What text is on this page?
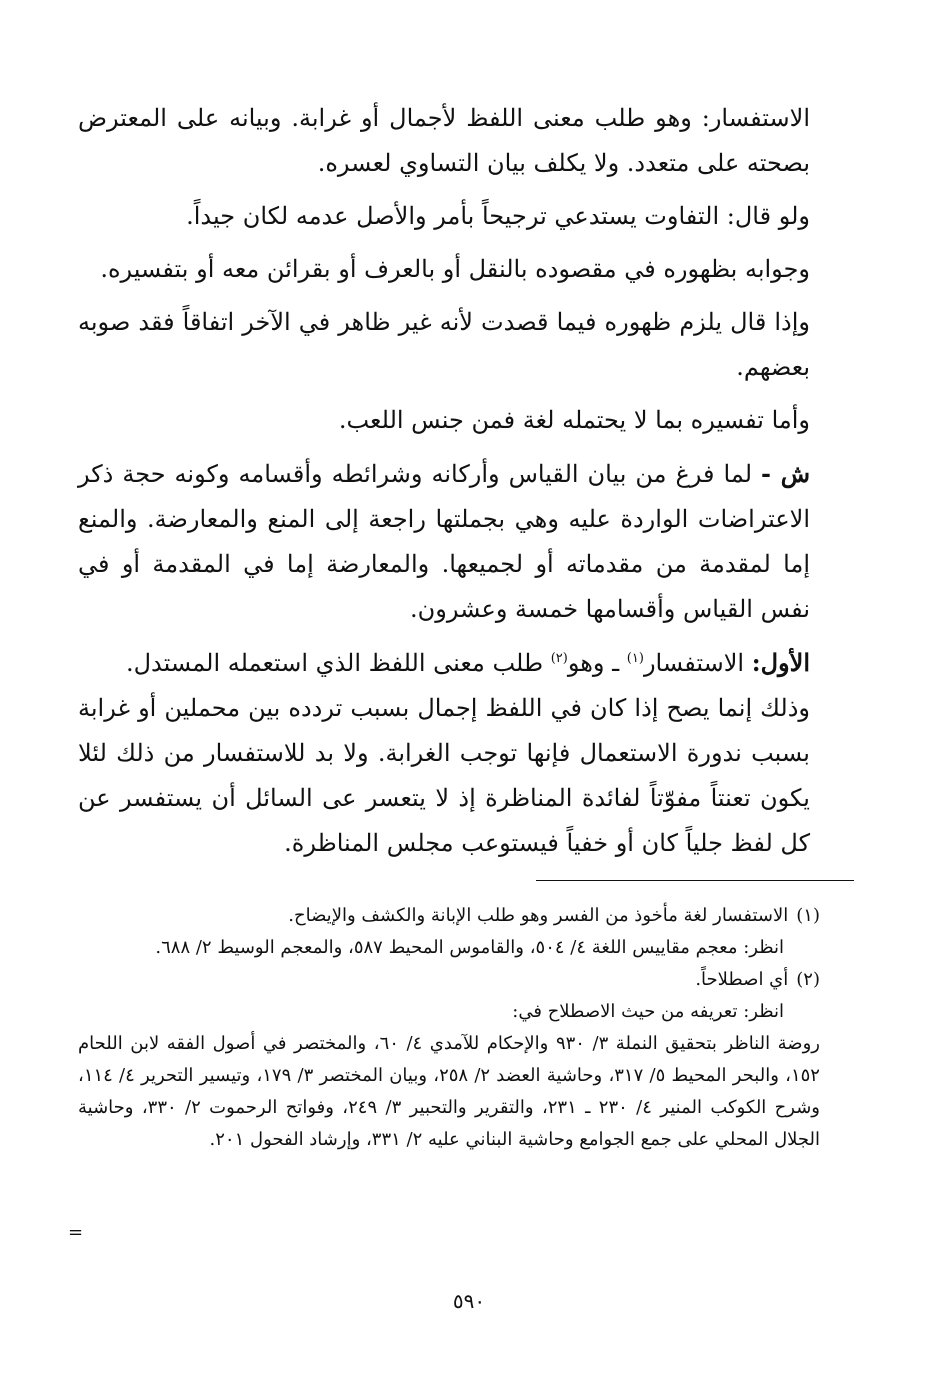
الاستفسار: وهو طلب معنى اللفظ لأجمال أو غرابة. وبيانه على المعترض بصحته على متعدد. ولا يكلف بيان التساوي لعسره.

ولو قال: التفاوت يستدعي ترجيحاً بأمر والأصل عدمه لكان جيداً.

وجوابه بظهوره في مقصوده بالنقل أو بالعرف أو بقرائن معه أو بتفسيره.

وإذا قال يلزم ظهوره فيما قصدت لأنه غير ظاهر في الآخر اتفاقاً فقد صوبه بعضهم.

وأما تفسيره بما لا يحتمله لغة فمن جنس اللعب.

ش - لما فرغ من بيان القياس وأركانه وشرائطه وأقسامه وكونه حجة ذكر الاعتراضات الواردة عليه وهي بجملتها راجعة إلى المنع والمعارضة. والمنع إما لمقدمة من مقدماته أو لجميعها. والمعارضة إما في المقدمة أو في نفس القياس وأقسامها خمسة وعشرون.

الأول: الاستفسار$^{(١)}$ ـ وهو$^{(٢)}$ طلب معنى اللفظ الذي استعمله المستدل.

وذلك إنما يصح إذا كان في اللفظ إجمال بسبب تردده بين محملين أو غرابة بسبب ندورة الاستعمال فإنها توجب الغرابة. ولا بد للاستفسار من ذلك لئلا يكون تعنتاً مفوّتاً لفائدة المناظرة إذ لا يتعسر عى السائل أن يستفسر عن كل لفظ جلياً كان أو خفياً فيستوعب مجلس المناظرة.

(١)الاستفسار لغة مأخوذ من الفسر وهو طلب الإبانة والكشف والإيضاح.

انظر: معجم مقاييس اللغة ٤/ ٥٠٤، والقاموس المحيط ٥٨٧، والمعجم الوسيط ٢/ ٦٨٨.

(٢)أي اصطلاحاً.

انظر: تعريفه من حيث الاصطلاح في:

روضة الناظر بتحقيق النملة ٣/ ٩٣٠ والإحكام للآمدي ٤/ ٦٠، والمختصر في أصول الفقه لابن اللحام ١٥٢، والبحر المحيط ٥/ ٣١٧، وحاشية العضد ٢/ ٢٥٨، وبيان المختصر ٣/ ١٧٩، وتيسير التحرير ٤/ ١١٤، وشرح الكوكب المنير ٤/ ٢٣٠ ـ ٢٣١، والتقرير والتحبير ٣/ ٢٤٩، وفواتح الرحموت ٢/ ٣٣٠، وحاشية الجلال المحلي على جمع الجوامع وحاشية البناني عليه ٢/ ٣٣١، وإرشاد الفحول ٢٠١.

=
٥٩٠
